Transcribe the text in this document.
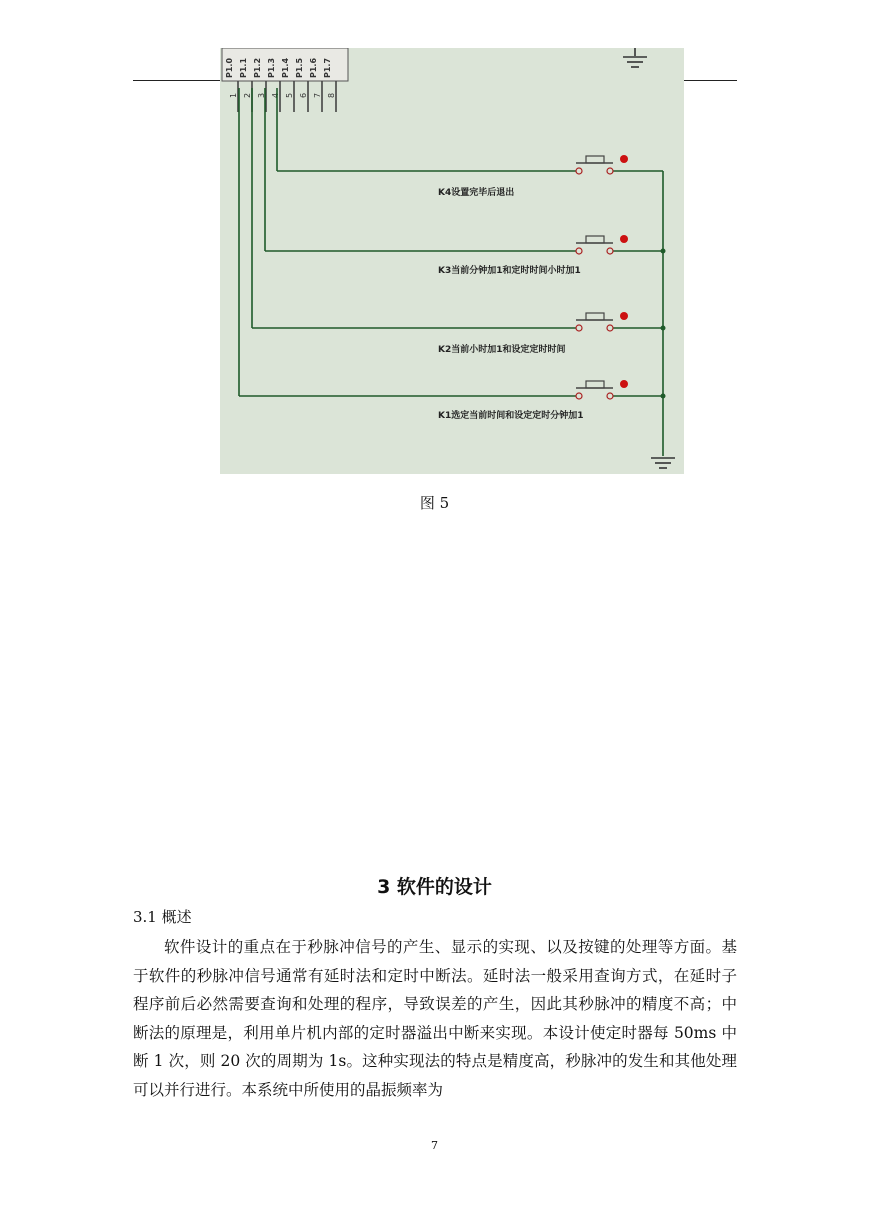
P1.0 P1.1 P1.2 P1.3 P1.4 P1.5 P1.6 P1.7
1 2 3 4 5 6 7 8
K4设置完毕后退出
K3当前分钟加1和定时时间小时加1
K2当前小时加1和设定定时时间
K1选定当前时间和设定定时分钟加1
图 5
3 软件的设计
3.1 概述

软件设计的重点在于秒脉冲信号的产生、显示的实现、以及按键的处理等方面。基于软件的秒脉冲信号通常有延时法和定时中断法。延时法一般采用查询方式，在延时子程序前后必然需要查询和处理的程序，导致误差的产生，因此其秒脉冲的精度不高；中断法的原理是，利用单片机内部的定时器溢出中断来实现。本设计使定时器每 50ms 中断 1 次，则 20 次的周期为 1s。这种实现法的特点是精度高，秒脉冲的发生和其他处理可以并行进行。本系统中所使用的晶振频率为

7
